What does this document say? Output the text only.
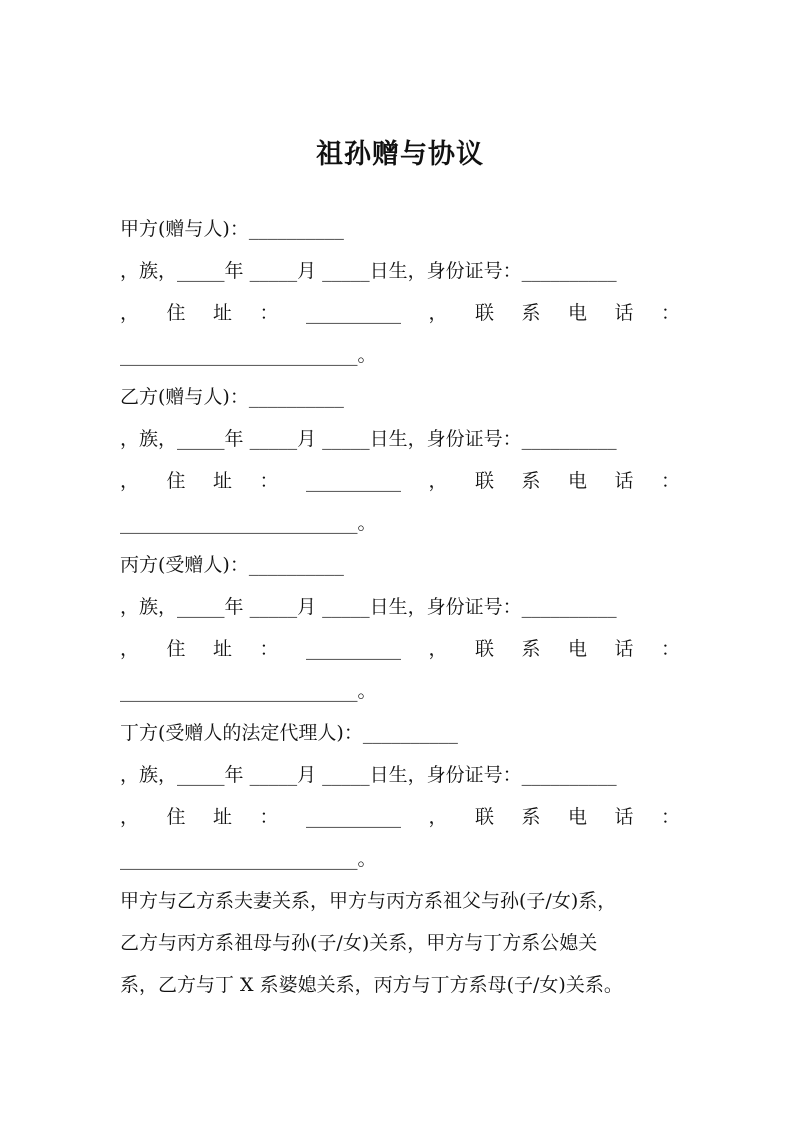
祖孙赠与协议
甲方(赠与人)：__________
，族，_____年 _____月 _____日生，身份证号：__________
， 住 址 ： __________ ， 联 系 电 话 ：
_________________________。
乙方(赠与人)：__________
，族，_____年 _____月 _____日生，身份证号：__________
， 住 址 ： __________ ， 联 系 电 话 ：
_________________________。
丙方(受赠人)：__________
，族，_____年 _____月 _____日生，身份证号：__________
， 住 址 ： __________ ， 联 系 电 话 ：
_________________________。
丁方(受赠人的法定代理人)：__________
，族，_____年 _____月 _____日生，身份证号：__________
， 住 址 ： __________ ， 联 系 电 话 ：
_________________________。
甲方与乙方系夫妻关系，甲方与丙方系祖父与孙(子/女)系，
乙方与丙方系祖母与孙(子/女)关系，甲方与丁方系公媳关
系，乙方与丁 X 系婆媳关系，丙方与丁方系母(子/女)关系。
